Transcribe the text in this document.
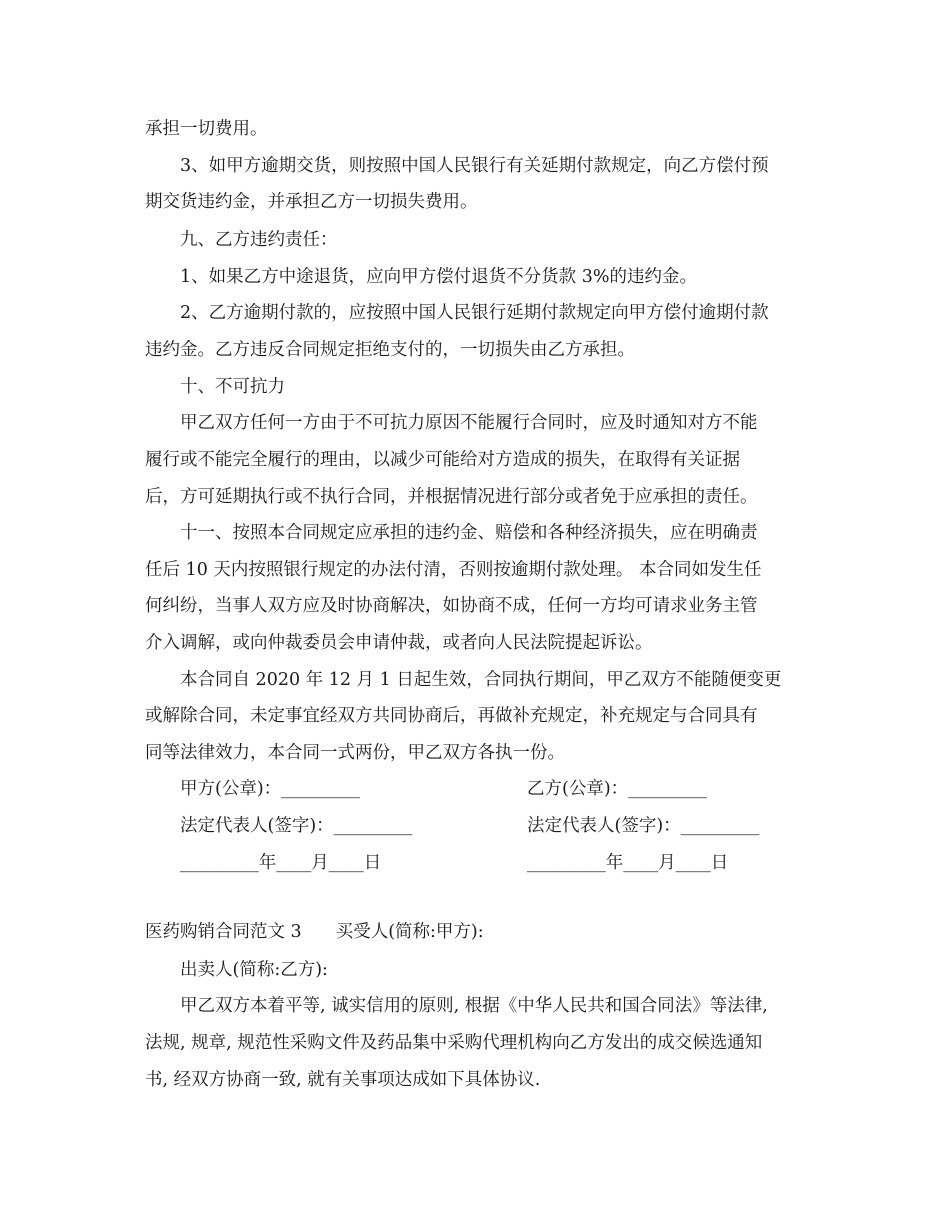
承担一切费用。
3、如甲方逾期交货，则按照中国人民银行有关延期付款规定，向乙方偿付预
期交货违约金，并承担乙方一切损失费用。
九、乙方违约责任：
1、如果乙方中途退货，应向甲方偿付退货不分货款 3%的违约金。
2、乙方逾期付款的，应按照中国人民银行延期付款规定向甲方偿付逾期付款
违约金。乙方违反合同规定拒绝支付的，一切损失由乙方承担。
十、不可抗力
甲乙双方任何一方由于不可抗力原因不能履行合同时，应及时通知对方不能
履行或不能完全履行的理由，以减少可能给对方造成的损失，在取得有关证据
后，方可延期执行或不执行合同，并根据情况进行部分或者免于应承担的责任。
十一、按照本合同规定应承担的违约金、赔偿和各种经济损失，应在明确责
任后 10 天内按照银行规定的办法付清，否则按逾期付款处理。 本合同如发生任
何纠纷，当事人双方应及时协商解决，如协商不成，任何一方均可请求业务主管
介入调解，或向仲裁委员会申请仲裁，或者向人民法院提起诉讼。
本合同自 2020 年 12 月 1 日起生效，合同执行期间，甲乙双方不能随便变更
或解除合同，未定事宜经双方共同协商后，再做补充规定，补充规定与合同具有
同等法律效力，本合同一式两份，甲乙双方各执一份。
甲方(公章)：_________	乙方(公章)：_________
法定代表人(签字)：_________	法定代表人(签字)：_________
_________年____月____日	_________年____月____日
医药购销合同范文 3 买受人(简称:甲方):
出卖人(简称:乙方):
甲乙双方本着平等, 诚实信用的原则, 根据《中华人民共和国合同法》等法律,
法规, 规章, 规范性采购文件及药品集中采购代理机构向乙方发出的成交候选通知
书, 经双方协商一致, 就有关事项达成如下具体协议.
